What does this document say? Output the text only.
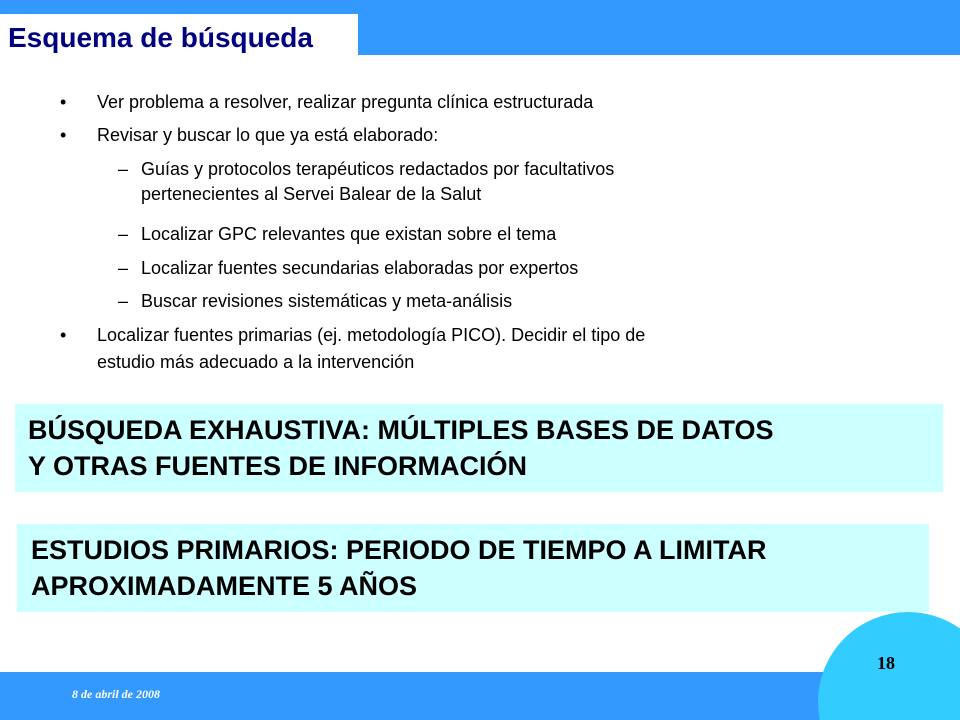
Esquema de búsqueda
• Ver problema a resolver, realizar pregunta clínica estructurada
• Revisar y buscar lo que ya está elaborado:
– Guías y protocolos terapéuticos redactados por facultativos
pertenecientes al Servei Balear de la Salut
– Localizar GPC relevantes que existan sobre el tema
– Localizar fuentes secundarias elaboradas por expertos
– Buscar revisiones sistemáticas y meta-análisis
• Localizar fuentes primarias (ej. metodología PICO). Decidir el tipo de
estudio más adecuado a la intervención
BÚSQUEDA EXHAUSTIVA: MÚLTIPLES BASES DE DATOS
Y OTRAS FUENTES DE INFORMACIÓN
ESTUDIOS PRIMARIOS: PERIODO DE TIEMPO A LIMITAR
APROXIMADAMENTE 5 AÑOS
18
8 de abril de 2008
